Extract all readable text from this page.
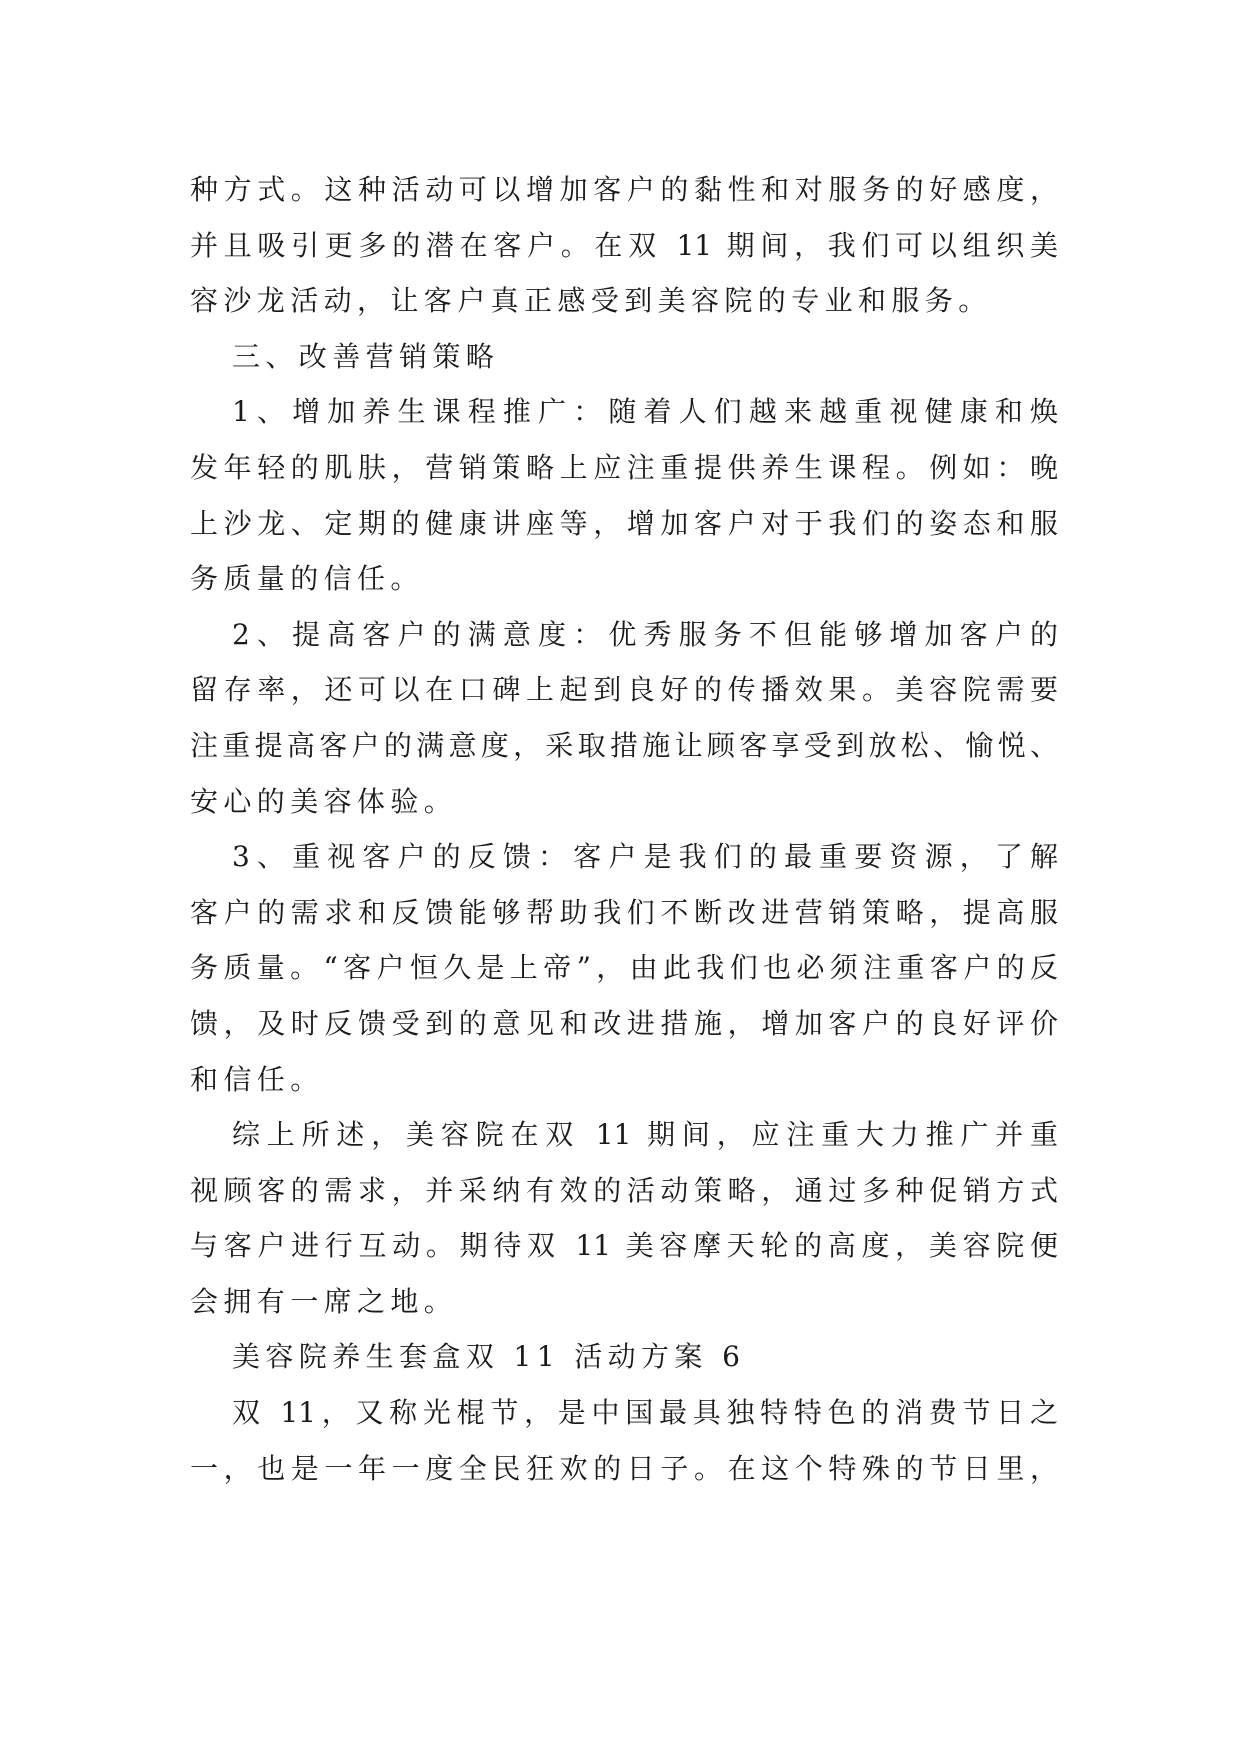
种方式。这种活动可以增加客户的黏性和对服务的好感度，
并且吸引更多的潜在客户。在双 11 期间，我们可以组织美
容沙龙活动，让客户真正感受到美容院的专业和服务。
三、改善营销策略
1、增加养生课程推广：随着人们越来越重视健康和焕
发年轻的肌肤，营销策略上应注重提供养生课程。例如：晚
上沙龙、定期的健康讲座等，增加客户对于我们的姿态和服
务质量的信任。
2、提高客户的满意度：优秀服务不但能够增加客户的
留存率，还可以在口碑上起到良好的传播效果。美容院需要
注重提高客户的满意度，采取措施让顾客享受到放松、愉悦、
安心的美容体验。
3、重视客户的反馈：客户是我们的最重要资源，了解
客户的需求和反馈能够帮助我们不断改进营销策略，提高服
务质量。“客户恒久是上帝”，由此我们也必须注重客户的反
馈，及时反馈受到的意见和改进措施，增加客户的良好评价
和信任。
综上所述，美容院在双 11 期间，应注重大力推广并重
视顾客的需求，并采纳有效的活动策略，通过多种促销方式
与客户进行互动。期待双 11 美容摩天轮的高度，美容院便
会拥有一席之地。
美容院养生套盒双 11 活动方案 6
双 11，又称光棍节，是中国最具独特特色的消费节日之
一，也是一年一度全民狂欢的日子。在这个特殊的节日里，
